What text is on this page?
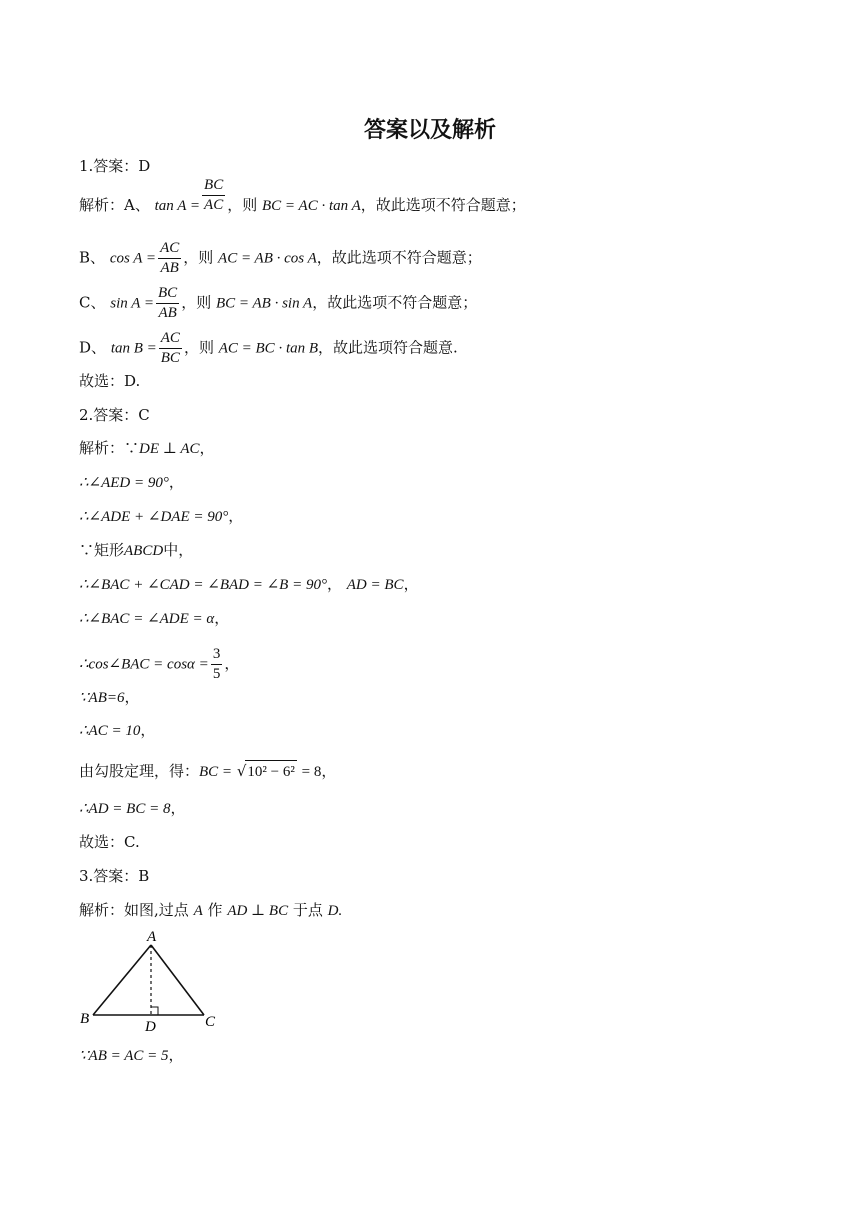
答案以及解析
1.答案：D
解析：A、 $\tan A = \frac{BC}{AC}$ ，则 BC = AC · tan A，故此选项不符合题意；
B、 $\cos A = \frac{AC}{AB}$ ，则 AC = AB · cos A，故此选项不符合题意；
C、 $\sin A = \frac{BC}{AB}$ ，则 BC = AB · sin A，故此选项不符合题意；
D、 $\tan B = \frac{AC}{BC}$ ，则 AC = BC · tan B，故此选项符合题意.
故选：D.
2.答案：C
解析：∵DE ⊥ AC，
∴∠AED = 90°，
∴∠ADE + ∠DAE = 90°，
∵矩形ABCD中，
∴∠BAC + ∠CAD = ∠BAD = ∠B = 90°， AD = BC，
∴∠BAC = ∠ADE = α，
∴cos∠BAC = $\cos\alpha = \frac{3}{5}$ ，
∵AB=6，
∴AC = 10，
由勾股定理，得：BC = √10² − 6² = 8，
∴AD = BC = 8，
故选：C.
3.答案：B
解析：如图,过点 A 作 AD ⊥ BC 于点 D.
A
B	C
D
∵AB = AC = 5，
